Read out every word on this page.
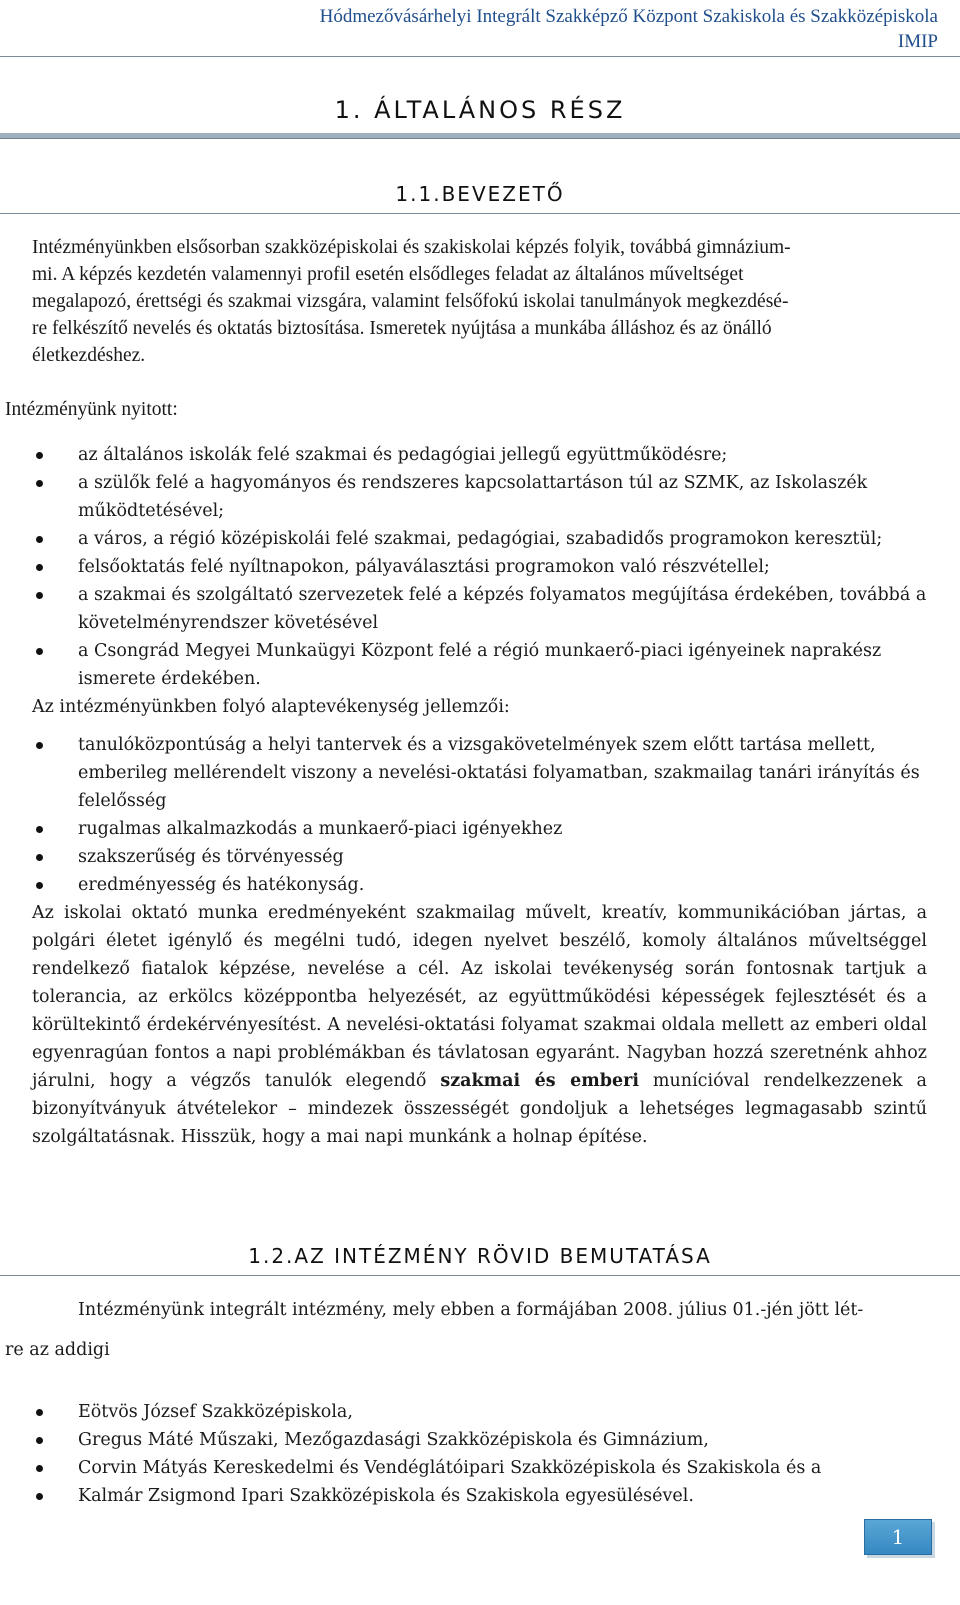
Hódmezővásárhelyi Integrált Szakképző Központ Szakiskola és Szakközépiskola
IMIP
1. ÁLTALÁNOS RÉSZ
1.1.BEVEZETŐ
Intézményünkben elsősorban szakközépiskolai és szakiskolai képzés folyik, továbbá gimnázium-
mi. A képzés kezdetén valamennyi profil esetén elsődleges feladat az általános műveltséget
megalapozó, érettségi és szakmai vizsgára, valamint felsőfokú iskolai tanulmányok megkezdésé-
re felkészítő nevelés és oktatás biztosítása. Ismeretek nyújtása a munkába álláshoz és az önálló
életkezdéshez.
Intézményünk nyitott:
az általános iskolák felé szakmai és pedagógiai jellegű együttműködésre;
a szülők felé a hagyományos és rendszeres kapcsolattartáson túl az SZMK, az Iskolaszék működtetésével;
a város, a régió középiskolái felé szakmai, pedagógiai, szabadidős programokon keresztül;
felsőoktatás felé nyíltnapokon, pályaválasztási programokon való részvétellel;
a szakmai és szolgáltató szervezetek felé a képzés folyamatos megújítása érdekében, továbbá a követelményrendszer követésével
a Csongrád Megyei Munkaügyi Központ felé a régió munkaerő-piaci igényeinek naprakész ismerete érdekében.
Az intézményünkben folyó alaptevékenység jellemzői:
tanulóközpontúság a helyi tantervek és a vizsgakövetelmények szem előtt tartása mellett, emberileg mellérendelt viszony a nevelési-oktatási folyamatban, szakmailag tanári irányítás és felelősség
rugalmas alkalmazkodás a munkaerő-piaci igényekhez
szakszerűség és törvényesség
eredményesség és hatékonyság.

Az iskolai oktató munka eredményeként szakmailag művelt, kreatív, kommunikációban jártas, a polgári életet igénylő és megélni tudó, idegen nyelvet beszélő, komoly általános műveltséggel rendelkező fiatalok képzése, nevelése a cél. Az iskolai tevékenység során fontosnak tartjuk a tolerancia, az erkölcs középpontba helyezését, az együttműködési képességek fejlesztését és a körültekintő érdekérvényesítést. A nevelési-oktatási folyamat szakmai oldala mellett az emberi oldal egyenragúan fontos a napi problémákban és távlatosan egyaránt. Nagyban hozzá szeretnénk ahhoz járulni, hogy a végzős tanulók elegendő szakmai és emberi munícióval rendelkezzenek a bizonyítványuk átvételekor – mindezek összességét gondoljuk a lehetséges legmagasabb szintű szolgáltatásnak. Hisszük, hogy a mai napi munkánk a holnap építése.

1.2.AZ INTÉZMÉNY RÖVID BEMUTATÁSA
Intézményünk integrált intézmény, mely ebben a formájában 2008. július 01.-jén jött lét-
re az addigi
Eötvös József Szakközépiskola,
Gregus Máté Műszaki, Mezőgazdasági Szakközépiskola és Gimnázium,
Corvin Mátyás Kereskedelmi és Vendéglátóipari Szakközépiskola és Szakiskola és a
Kalmár Zsigmond Ipari Szakközépiskola és Szakiskola egyesülésével.
1
